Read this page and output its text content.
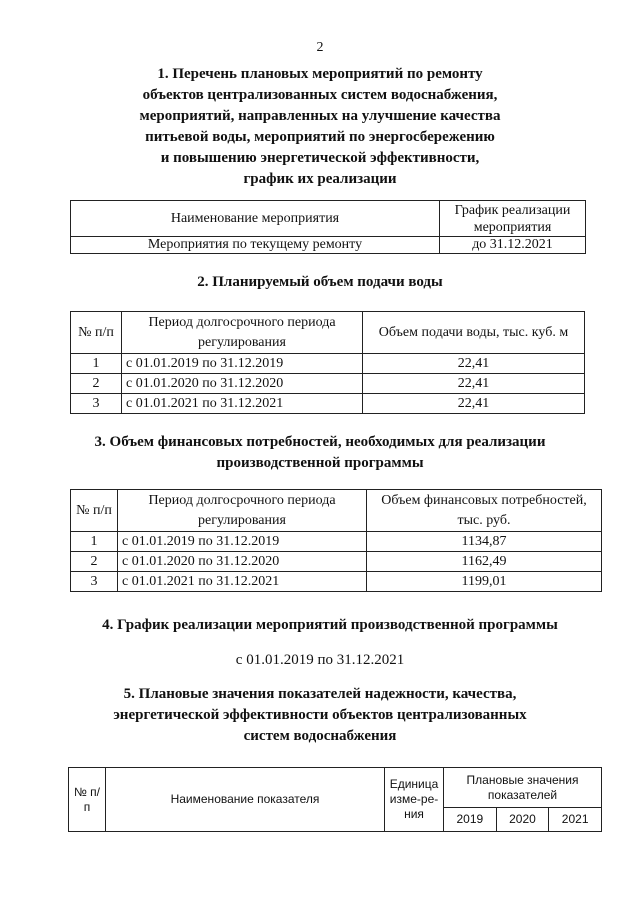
2
1. Перечень плановых мероприятий по ремонту
объектов централизованных систем водоснабжения,
мероприятий, направленных на улучшение качества
питьевой воды, мероприятий по энергосбережению
и повышению энергетической эффективности,
график их реализации
Наименование мероприятия	График реализации мероприятия
Мероприятия по текущему ремонту	до 31.12.2021
2. Планируемый объем подачи воды
№ п/п	Период долгосрочного периода регулирования	Объем подачи воды, тыс. куб. м
1	с 01.01.2019 по 31.12.2019	22,41
2	с 01.01.2020 по 31.12.2020	22,41
3	с 01.01.2021 по 31.12.2021	22,41
3. Объем финансовых потребностей, необходимых для реализации
производственной программы
№ п/п	Период долгосрочного периода регулирования	Объем финансовых потребностей, тыс. руб.
1	с 01.01.2019 по 31.12.2019	1134,87
2	с 01.01.2020 по 31.12.2020	1162,49
3	с 01.01.2021 по 31.12.2021	1199,01
4. График реализации мероприятий производственной программы
с 01.01.2019 по 31.12.2021
5. Плановые значения показателей надежности, качества,
энергетической эффективности объектов централизованных
систем водоснабжения
№ п/п	Наименование показателя	Единица изме-ре-ния	Плановые значения показателей		
			2019	2020	2021
